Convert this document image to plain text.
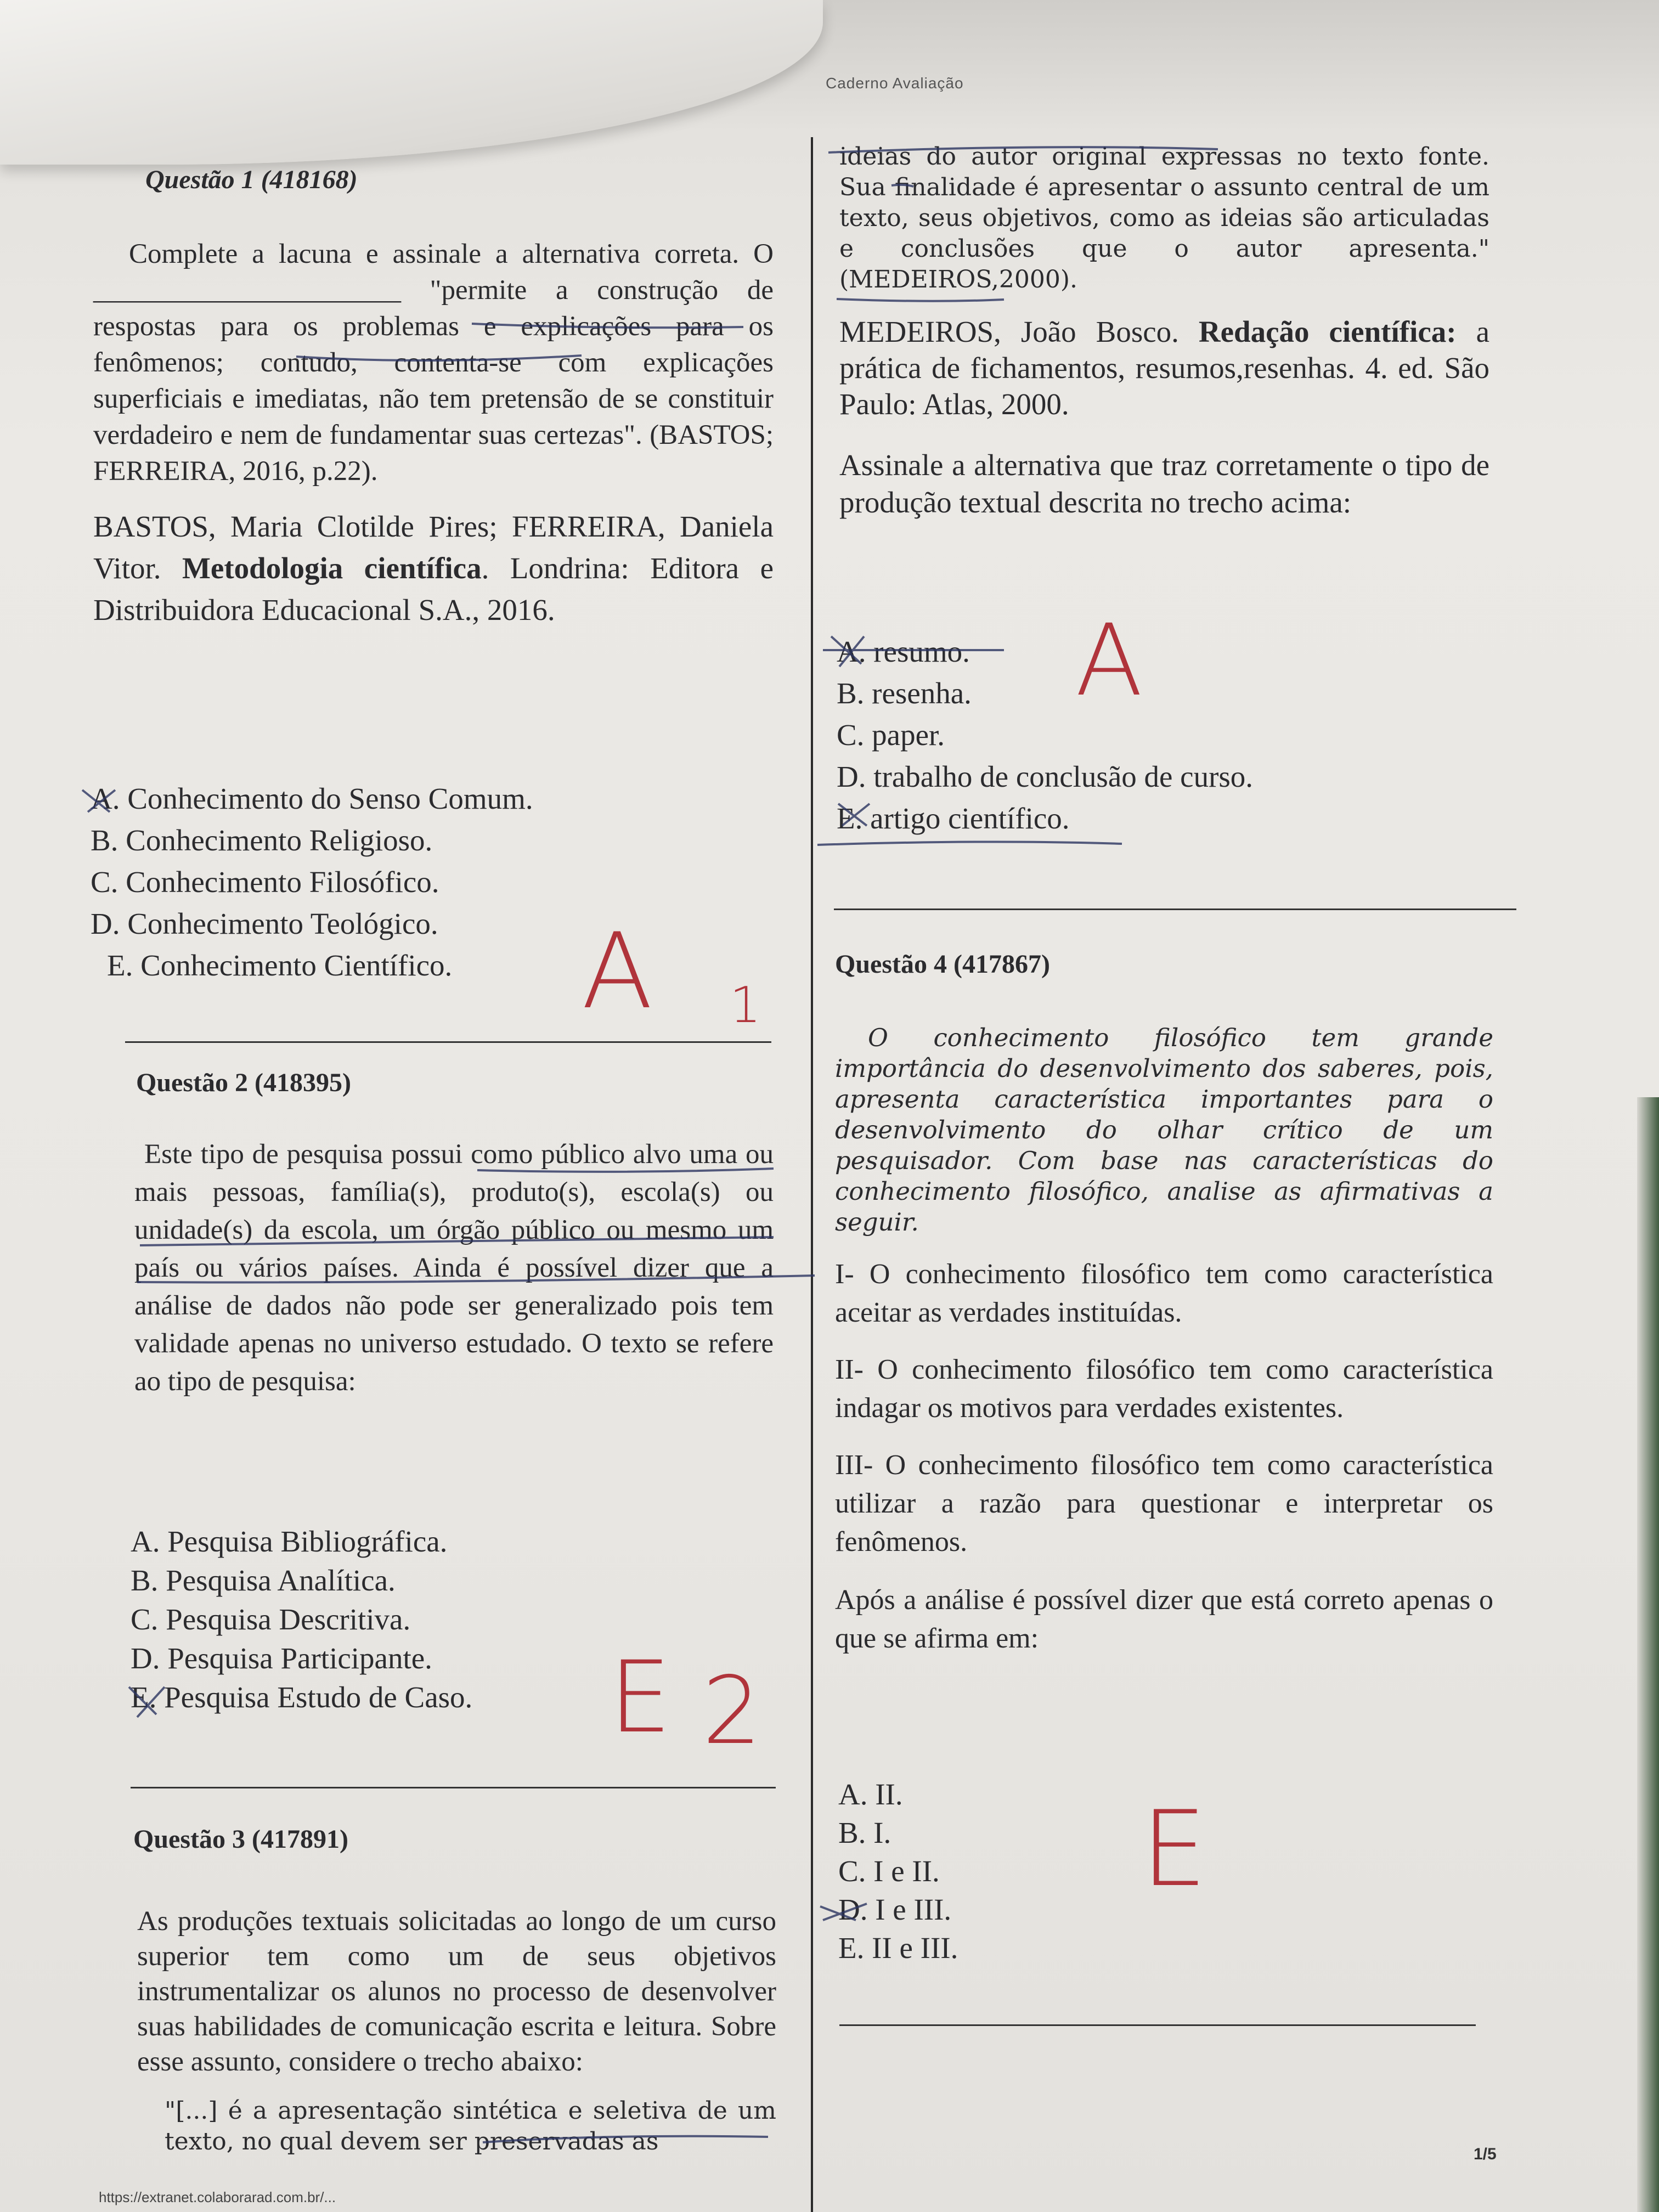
Caderno Avaliação

Questão 1 (418168)

Complete a lacuna e assinale a alternativa correta. O ______________________ "permite a construção de respostas para os problemas e explicações para os fenômenos; contudo, contenta-se com explicações superficiais e imediatas, não tem pretensão de se constituir verdadeiro e nem de fundamentar suas certezas". (BASTOS; FERREIRA, 2016, p.22).

BASTOS, Maria Clotilde Pires; FERREIRA, Daniela Vitor. Metodologia científica. Londrina: Editora e Distribuidora Educacional S.A., 2016.

A. Conhecimento do Senso Comum.

B. Conhecimento Religioso.

C. Conhecimento Filosófico.

D. Conhecimento Teológico.

E. Conhecimento Científico.	A 1

Questão 2 (418395)

Este tipo de pesquisa possui como público alvo uma ou mais pessoas, família(s), produto(s), escola(s) ou unidade(s) da escola, um órgão público ou mesmo um país ou vários países. Ainda é possível dizer que a análise de dados não pode ser generalizado pois tem validade apenas no universo estudado. O texto se refere ao tipo de pesquisa:

A. Pesquisa Bibliográfica.

B. Pesquisa Analítica.

C. Pesquisa Descritiva.

D. Pesquisa Participante.

E. Pesquisa Estudo de Caso.	E 2

Questão 3 (417891)

As produções textuais solicitadas ao longo de um curso superior tem como um de seus objetivos instrumentalizar os alunos no processo de desenvolver suas habilidades de comunicação escrita e leitura. Sobre esse assunto, considere o trecho abaixo:

"[...] é a apresentação sintética e seletiva de um texto, no qual devem ser preservadas as

ideias do autor original expressas no texto fonte. Sua finalidade é apresentar o assunto central de um texto, seus objetivos, como as ideias são articuladas e conclusões que o autor apresenta." (MEDEIROS,2000).

MEDEIROS, João Bosco. Redação científica: a prática de fichamentos, resumos,resenhas. 4. ed. São Paulo: Atlas, 2000.

Assinale a alternativa que traz corretamente o tipo de produção textual descrita no trecho acima:

A. resumo.

B. resenha.

C. paper.

D. trabalho de conclusão de curso.

E. artigo científico.

A

Questão 4 (417867)

O conhecimento filosófico tem grande importância do desenvolvimento dos saberes, pois, apresenta característica importantes para o desenvolvimento do olhar crítico de um pesquisador. Com base nas características do conhecimento filosófico, analise as afirmativas a seguir.

I- O conhecimento filosófico tem como característica aceitar as verdades instituídas.

II- O conhecimento filosófico tem como característica indagar os motivos para verdades existentes.

III- O conhecimento filosófico tem como característica utilizar a razão para questionar e interpretar os fenômenos.

Após a análise é possível dizer que está correto apenas o que se afirma em:

A. II.

B. I.

C. I e II.

D. I e III.

E. II e III.

E
1/5
https://extranet.colaborarad.com.br/...
